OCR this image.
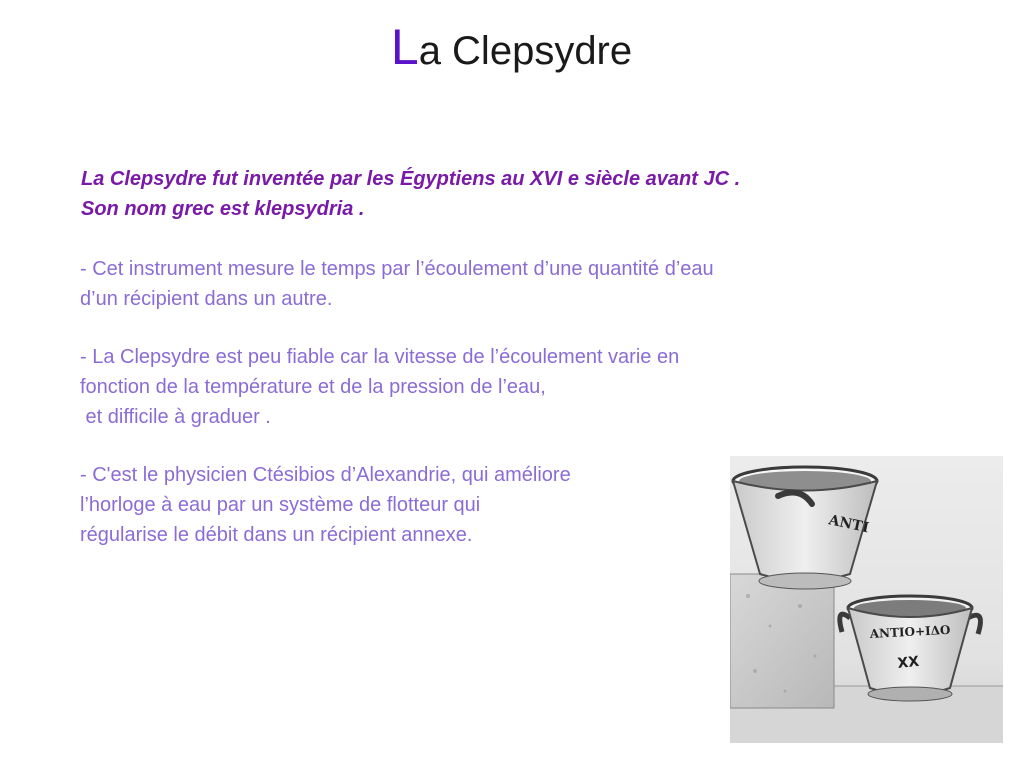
La Clepsydre
La Clepsydre fut inventée par les Égyptiens au XVI e siècle avant JC .
Son nom grec est klepsydria .
- Cet instrument mesure le temps par l’écoulement d’une quantité d’eau
d’un récipient dans un autre.
- La Clepsydre est peu fiable car la vitesse de l’écoulement varie en
fonction de la température et de la pression de l’eau,
et difficile à graduer .
- C'est le physicien Ctésibios d’Alexandrie, qui améliore
l’horloge à eau par un système de flotteur qui
régularise le débit dans un récipient annexe.	ANTI
ANTIO+IΔO
XX
